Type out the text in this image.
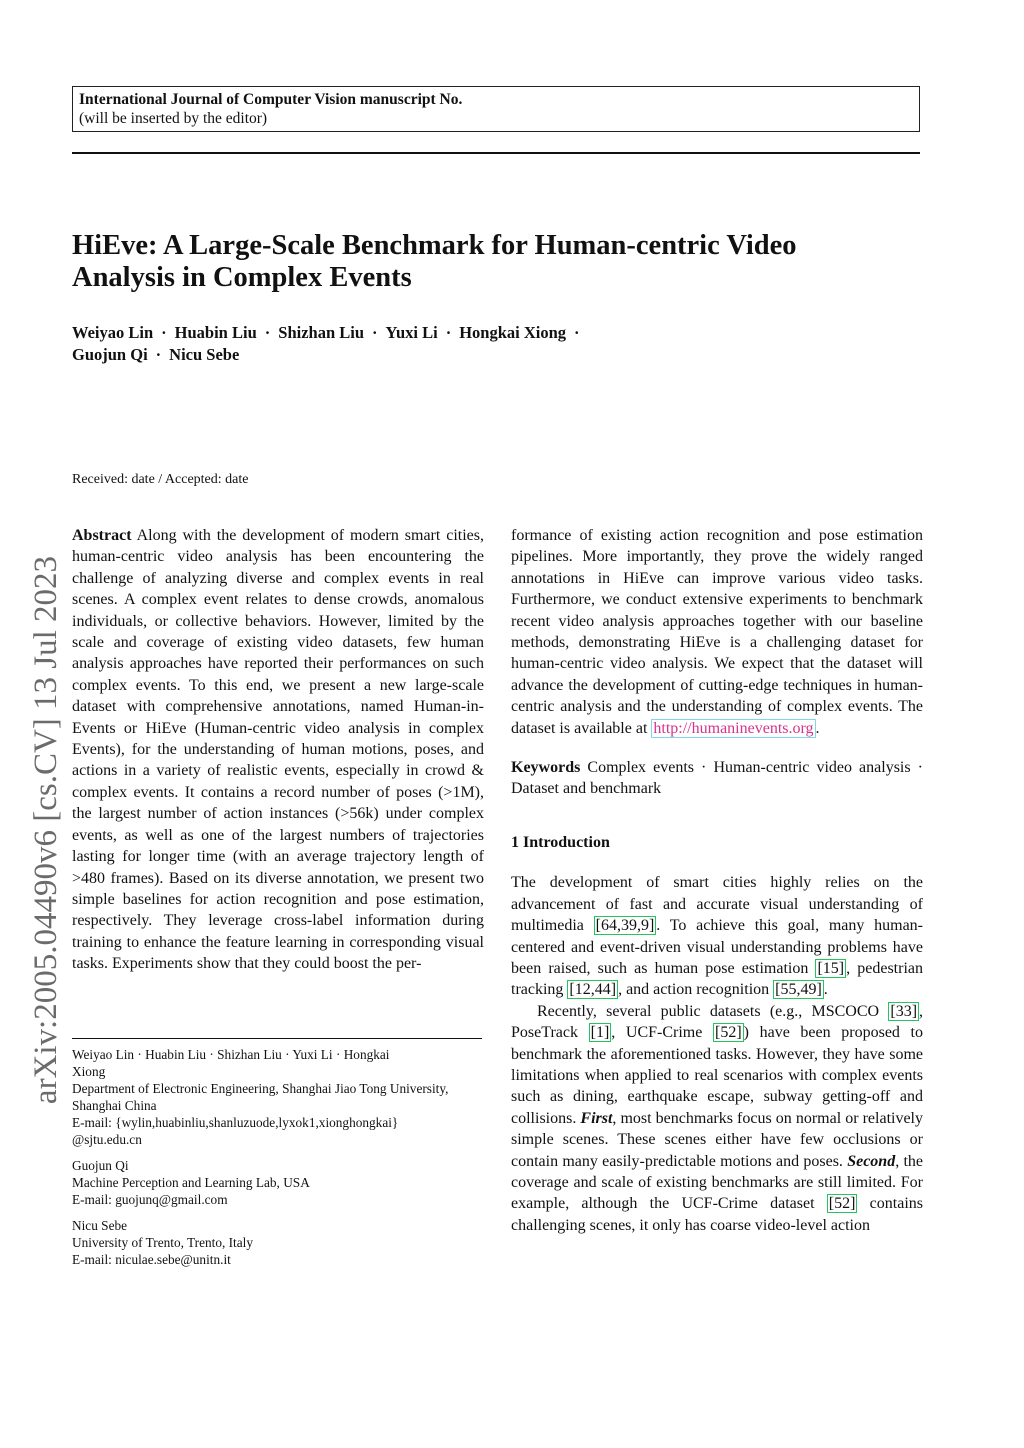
International Journal of Computer Vision manuscript No.
(will be inserted by the editor)
HiEve: A Large-Scale Benchmark for Human-centric Video
Analysis in Complex Events
Weiyao Lin · Huabin Liu · Shizhan Liu · Yuxi Li · Hongkai Xiong ·
Guojun Qi · Nicu Sebe
Received: date / Accepted: date
arXiv:2005.04490v6 [cs.CV] 13 Jul 2023

Abstract Along with the development of modern smart cities, human-centric video analysis has been encountering the challenge of analyzing diverse and complex events in real scenes. A complex event relates to dense crowds, anomalous individuals, or collective behaviors. However, limited by the scale and coverage of existing video datasets, few human analysis approaches have reported their performances on such complex events. To this end, we present a new large-scale dataset with comprehensive annotations, named Human-in-Events or HiEve (Human-centric video analysis in complex Events), for the understanding of human motions, poses, and actions in a variety of realistic events, especially in crowd & complex events. It contains a record number of poses (>1M), the largest number of action instances (>56k) under complex events, as well as one of the largest numbers of trajectories lasting for longer time (with an average trajectory length of >480 frames). Based on its diverse annotation, we present two simple baselines for action recognition and pose estimation, respectively. They leverage cross-label information during training to enhance the feature learning in corresponding visual tasks. Experiments show that they could boost the per-

Weiyao Lin · Huabin Liu · Shizhan Liu · Yuxi Li · Hongkai
Xiong
Department of Electronic Engineering, Shanghai Jiao Tong University, Shanghai China
E-mail: {wylin,huabinliu,shanluzuode,lyxok1,xionghongkai}
@sjtu.edu.cn
Guojun Qi
Machine Perception and Learning Lab, USA
E-mail: guojunq@gmail.com
Nicu Sebe
University of Trento, Trento, Italy
E-mail: niculae.sebe@unitn.it

formance of existing action recognition and pose estimation pipelines. More importantly, they prove the widely ranged annotations in HiEve can improve various video tasks. Furthermore, we conduct extensive experiments to benchmark recent video analysis approaches together with our baseline methods, demonstrating HiEve is a challenging dataset for human-centric video analysis. We expect that the dataset will advance the development of cutting-edge techniques in human-centric analysis and the understanding of complex events. The dataset is available at http://humaninevents.org .

Keywords Complex events · Human-centric video analysis · Dataset and benchmark

1 Introduction

The development of smart cities highly relies on the advancement of fast and accurate visual understanding of multimedia [64,39,9] . To achieve this goal, many human-centered and event-driven visual understanding problems have been raised, such as human pose estimation [15] , pedestrian tracking [12,44] , and action recognition [55,49] .

Recently, several public datasets (e.g., MSCOCO [33] , PoseTrack [1] , UCF-Crime [52] ) have been proposed to benchmark the aforementioned tasks. However, they have some limitations when applied to real scenarios with complex events such as dining, earthquake escape, subway getting-off and collisions. First, most benchmarks focus on normal or relatively simple scenes. These scenes either have few occlusions or contain many easily-predictable motions and poses. Second, the coverage and scale of existing benchmarks are still limited. For example, although the UCF-Crime dataset [52] contains challenging scenes, it only has coarse video-level action
